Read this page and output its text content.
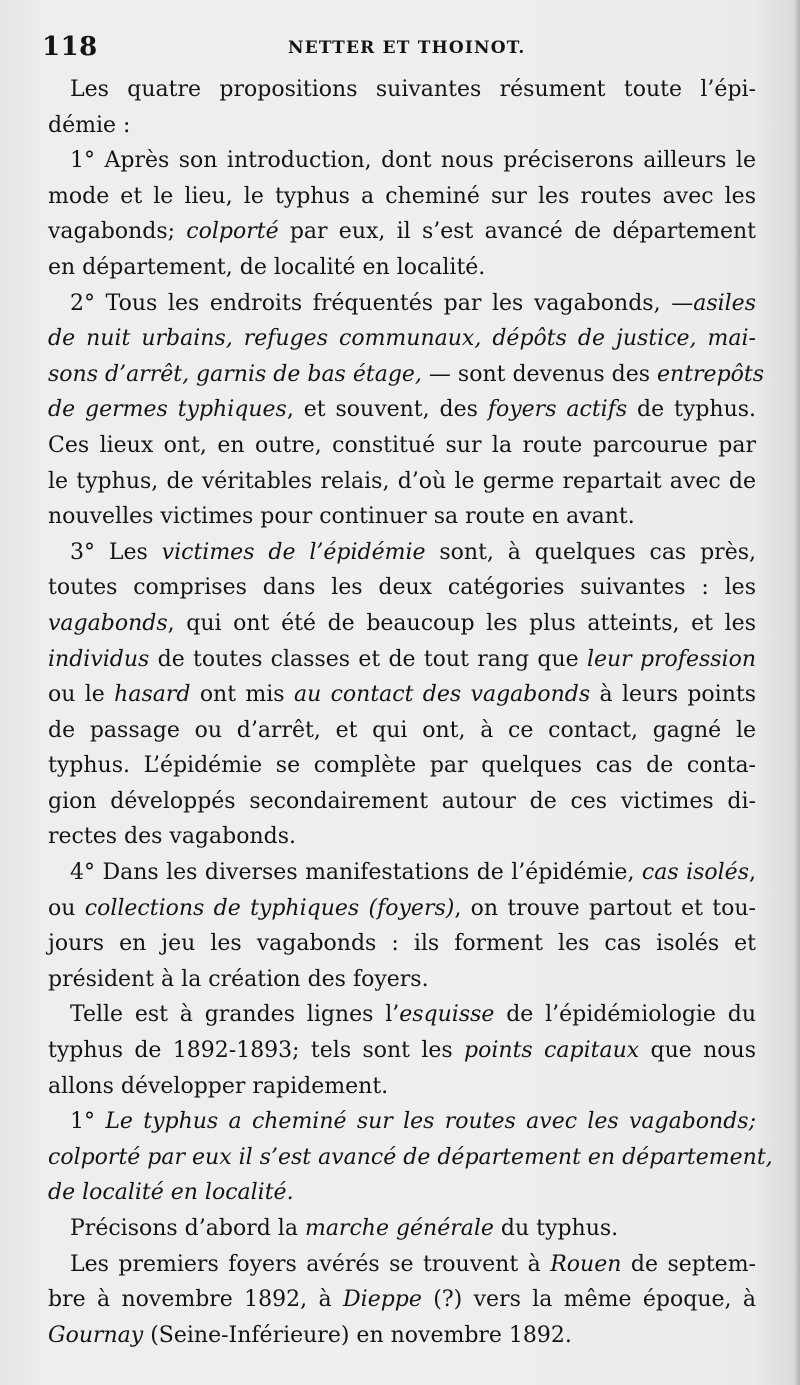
118	NETTER ET THOINOT.
Les quatre propositions suivantes résument toute l’épi-
démie :
1° Après son introduction, dont nous préciserons ailleurs le
mode et le lieu, le typhus a cheminé sur les routes avec les
vagabonds; colporté par eux, il s’est avancé de département
en département, de localité en localité.
2° Tous les endroits fréquentés par les vagabonds, —asiles
de nuit urbains, refuges communaux, dépôts de justice, mai-
sons d’arrêt, garnis de bas étage, — sont devenus des entrepôts
de germes typhiques, et souvent, des foyers actifs de typhus.
Ces lieux ont, en outre, constitué sur la route parcourue par
le typhus, de véritables relais, d’où le germe repartait avec de
nouvelles victimes pour continuer sa route en avant.
3° Les victimes de l’épidémie sont, à quelques cas près,
toutes comprises dans les deux catégories suivantes : les
vagabonds, qui ont été de beaucoup les plus atteints, et les
individus de toutes classes et de tout rang que leur profession
ou le hasard ont mis au contact des vagabonds à leurs points
de passage ou d’arrêt, et qui ont, à ce contact, gagné le
typhus. L’épidémie se complète par quelques cas de conta-
gion développés secondairement autour de ces victimes di-
rectes des vagabonds.
4° Dans les diverses manifestations de l’épidémie, cas isolés,
ou collections de typhiques (foyers), on trouve partout et tou-
jours en jeu les vagabonds : ils forment les cas isolés et
président à la création des foyers.
Telle est à grandes lignes l’esquisse de l’épidémiologie du
typhus de 1892-1893; tels sont les points capitaux que nous
allons développer rapidement.
1° Le typhus a cheminé sur les routes avec les vagabonds;
colporté par eux il s’est avancé de département en département,
de localité en localité.
Précisons d’abord la marche générale du typhus.
Les premiers foyers avérés se trouvent à Rouen de septem-
bre à novembre 1892, à Dieppe (?) vers la même époque, à
Gournay (Seine-Inférieure) en novembre 1892.
